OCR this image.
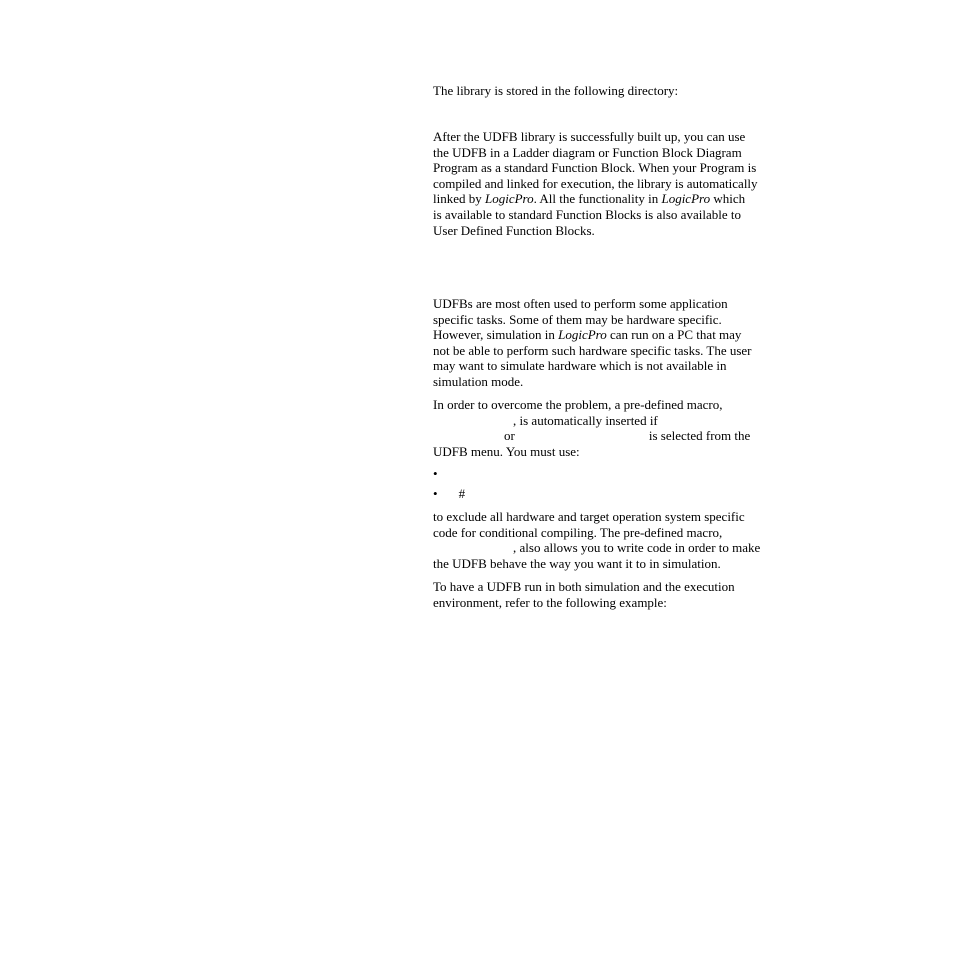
The library is stored in the following directory:

After the UDFB library is successfully built up, you can use
the UDFB in a Ladder diagram or Function Block Diagram
Program as a standard Function Block. When your Program is
compiled and linked for execution, the library is automatically
linked by LogicPro. All the functionality in LogicPro which
is available to standard Function Blocks is also available to
User Defined Function Blocks.

UDFBs are most often used to perform some application
specific tasks. Some of them may be hardware specific.
However, simulation in LogicPro can run on a PC that may
not be able to perform such hardware specific tasks. The user
may want to simulate hardware which is not available in
simulation mode.

In order to overcome the problem, a pre-defined macro,
, is automatically inserted if
or	is selected from the
UDFB menu. You must use:

•
• #

to exclude all hardware and target operation system specific
code for conditional compiling. The pre-defined macro,
, also allows you to write code in order to make
the UDFB behave the way you want it to in simulation.

To have a UDFB run in both simulation and the execution
environment, refer to the following example:
